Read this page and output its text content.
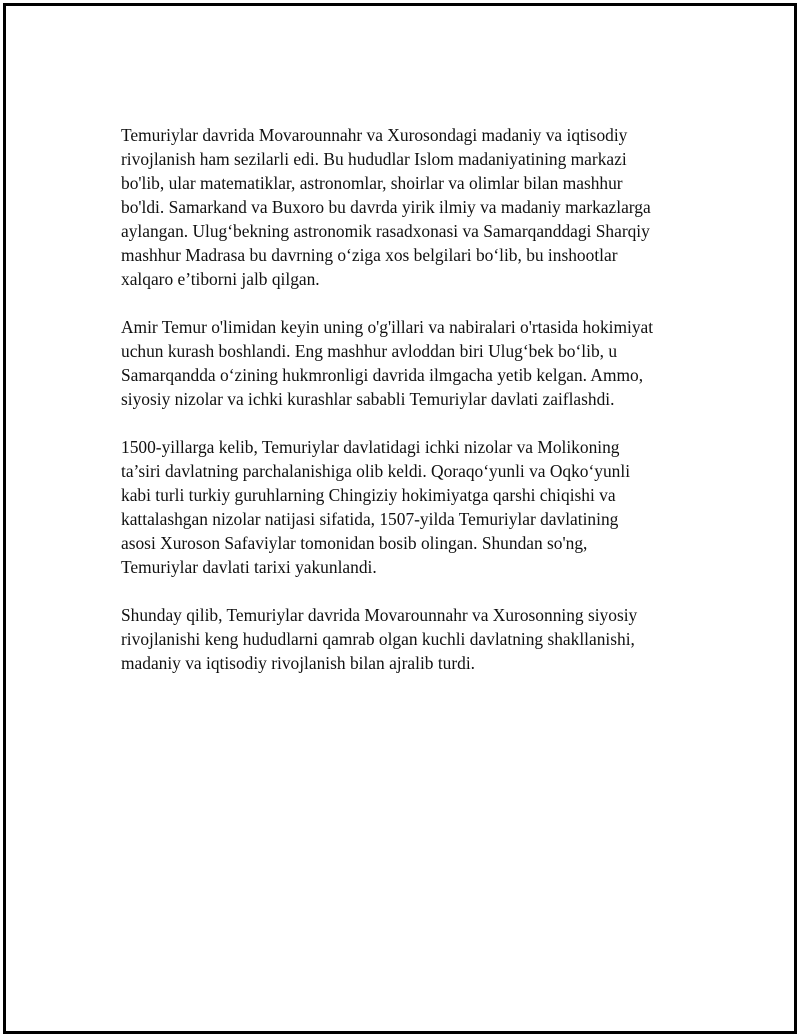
Temuriylar davrida Movarounnahr va Xurosondagi madaniy va iqtisodiy
rivojlanish ham sezilarli edi. Bu hududlar Islom madaniyatining markazi
bo'lib, ular matematiklar, astronomlar, shoirlar va olimlar bilan mashhur
bo'ldi. Samarkand va Buxoro bu davrda yirik ilmiy va madaniy markazlarga
aylangan. Ulug‘bekning astronomik rasadxonasi va Samarqanddagi Sharqiy
mashhur Madrasa bu davrning o‘ziga xos belgilari bo‘lib, bu inshootlar
xalqaro e’tiborni jalb qilgan.

Amir Temur o'limidan keyin uning o'g'illari va nabiralari o'rtasida hokimiyat
uchun kurash boshlandi. Eng mashhur avloddan biri Ulug‘bek bo‘lib, u
Samarqandda o‘zining hukmronligi davrida ilmgacha yetib kelgan. Ammo,
siyosiy nizolar va ichki kurashlar sababli Temuriylar davlati zaiflashdi.

1500-yillarga kelib, Temuriylar davlatidagi ichki nizolar va Molikoning
ta’siri davlatning parchalanishiga olib keldi. Qoraqo‘yunli va Oqko‘yunli
kabi turli turkiy guruhlarning Chingiziy hokimiyatga qarshi chiqishi va
kattalashgan nizolar natijasi sifatida, 1507-yilda Temuriylar davlatining
asosi Xuroson Safaviylar tomonidan bosib olingan. Shundan so'ng,
Temuriylar davlati tarixi yakunlandi.

Shunday qilib, Temuriylar davrida Movarounnahr va Xurosonning siyosiy
rivojlanishi keng hududlarni qamrab olgan kuchli davlatning shakllanishi,
madaniy va iqtisodiy rivojlanish bilan ajralib turdi.
